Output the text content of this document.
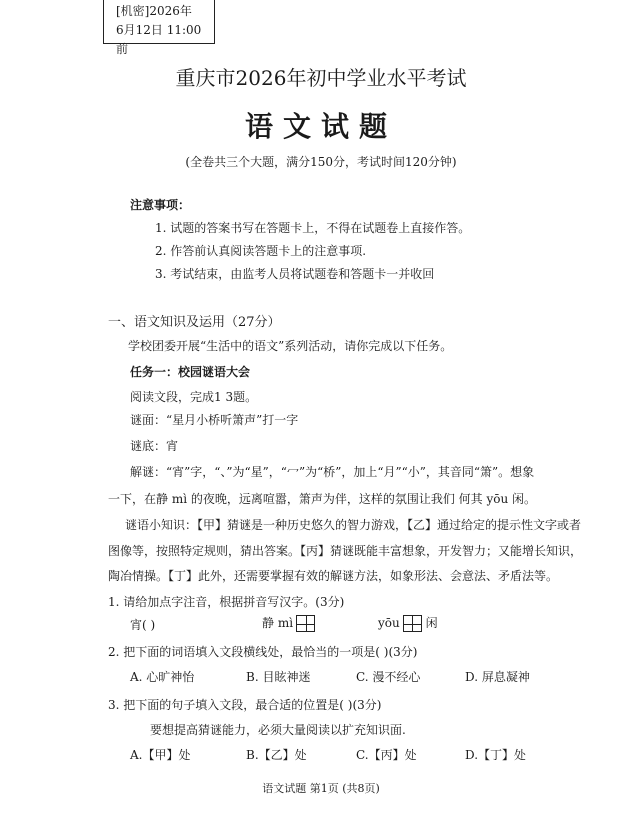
[机密]2026年
6月12日 11:00前
重庆市2026年初中学业水平考试
语文试题
(全卷共三个大题，满分150分，考试时间120分钟)
注意事项：
1. 试题的答案书写在答题卡上，不得在试题卷上直接作答。
2. 作答前认真阅读答题卡上的注意事项.
3. 考试结束，由监考人员将试题卷和答题卡一并收回
一、语文知识及运用（27分）
学校团委开展“生活中的语文”系列活动，请你完成以下任务。
任务一：校园谜语大会
阅读文段，完成1 3题。
谜面：“星月小桥听箫声”打一字
谜底：宵
解谜：“宵”字，“、”为“星”，“冖”为“桥”，加上“月”“小”，其音同“箫”。想象
一下，在静 mì 的夜晚，远离喧嚣，箫声为伴，这样的氛围让我们 何其 yōu 闲。
谜语小知识：【甲】猜谜是一种历史悠久的智力游戏，【乙】通过给定的提示性文字或者
图像等，按照特定规则，猜出答案。【丙】猜谜既能丰富想象，开发智力；又能增长知识，
陶冶情操。【丁】此外，还需要掌握有效的解谜方法，如象形法、会意法、矛盾法等。
1. 请给加点字注音，根据拼音写汉字。(3分)
宵( )	静 mì	yōu 闲
2. 把下面的词语填入文段横线处，最恰当的一项是( )(3分)
A. 心旷神怡	B. 目眩神迷	C. 漫不经心	D. 屏息凝神
3. 把下面的句子填入文段，最合适的位置是( )(3分)
要想提高猜谜能力，必须大量阅读以扩充知识面.
A.【甲】处	B.【乙】处	C.【丙】处	D.【丁】处
语文试题 第1页 (共8页)
